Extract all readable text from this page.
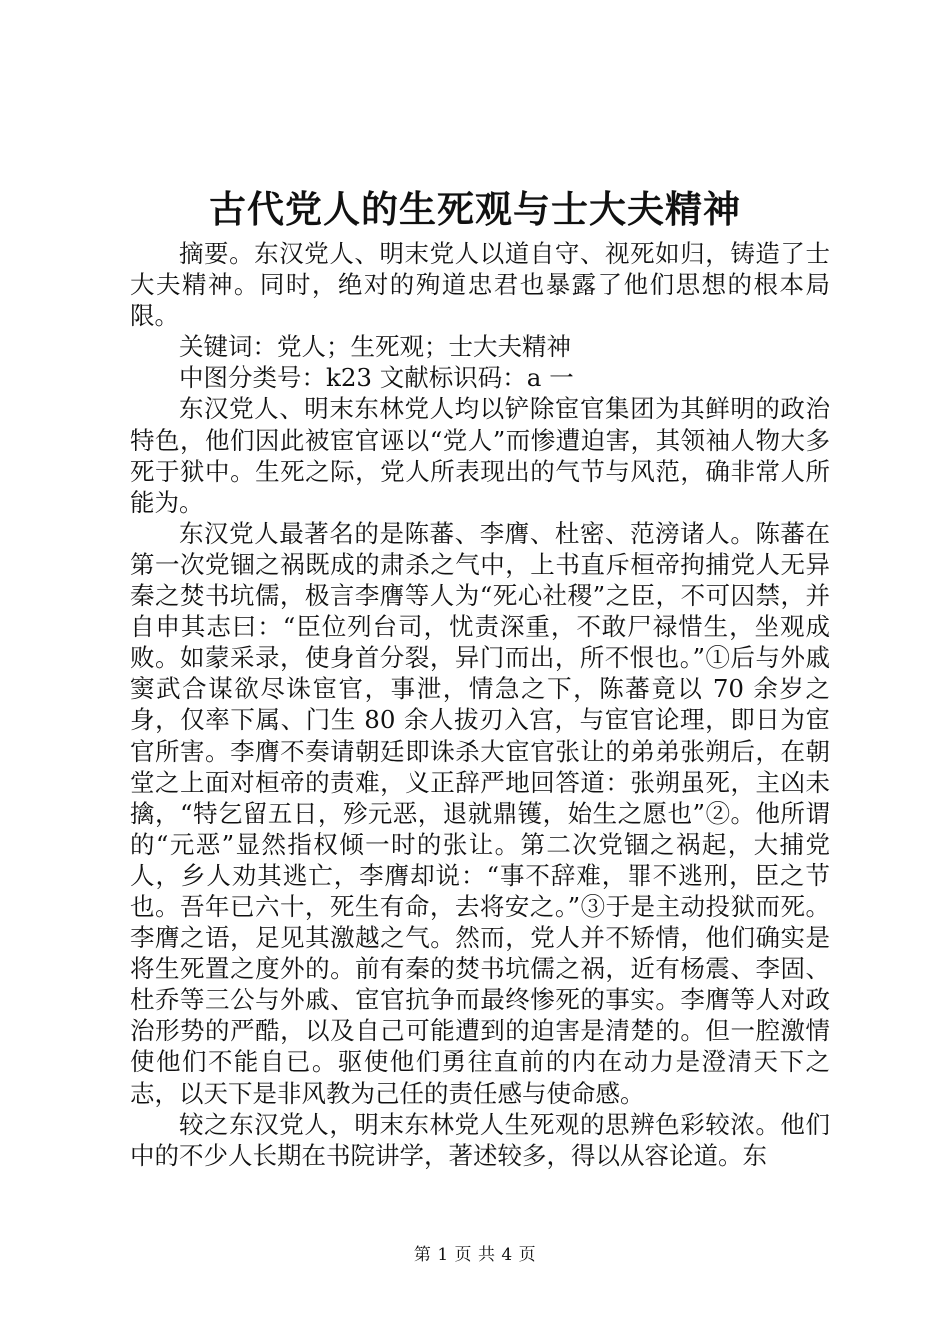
古代党人的生死观与士大夫精神

摘要。东汉党人、明末党人以道自守、视死如归，铸造了士大夫精神。同时，绝对的殉道忠君也暴露了他们思想的根本局限。

关键词：党人；生死观；士大夫精神

中图分类号：k23 文献标识码：a 一

东汉党人、明末东林党人均以铲除宦官集团为其鲜明的政治特色，他们因此被宦官诬以“党人”而惨遭迫害，其领袖人物大多死于狱中。生死之际，党人所表现出的气节与风范，确非常人所能为。

东汉党人最著名的是陈蕃、李膺、杜密、范滂诸人。陈蕃在第一次党锢之祸既成的肃杀之气中，上书直斥桓帝拘捕党人无异秦之焚书坑儒，极言李膺等人为“死心社稷”之臣，不可囚禁，并自申其志曰：“臣位列台司，忧责深重，不敢尸禄惜生，坐观成败。如蒙采录，使身首分裂，异门而出，所不恨也。”①后与外戚窦武合谋欲尽诛宦官，事泄，情急之下，陈蕃竟以 70 余岁之身，仅率下属、门生 80 余人拔刃入宫，与宦官论理，即日为宦官所害。李膺不奏请朝廷即诛杀大宦官张让的弟弟张朔后，在朝堂之上面对桓帝的责难，义正辞严地回答道：张朔虽死，主凶未擒，“特乞留五日，殄元恶，退就鼎镬，始生之愿也”②。他所谓的“元恶”显然指权倾一时的张让。第二次党锢之祸起，大捕党人，乡人劝其逃亡，李膺却说：“事不辞难，罪不逃刑，臣之节也。吾年已六十，死生有命，去将安之。”③于是主动投狱而死。李膺之语，足见其激越之气。然而，党人并不矫情，他们确实是将生死置之度外的。前有秦的焚书坑儒之祸，近有杨震、李固、杜乔等三公与外戚、宦官抗争而最终惨死的事实。李膺等人对政治形势的严酷，以及自己可能遭到的迫害是清楚的。但一腔激情使他们不能自已。驱使他们勇往直前的内在动力是澄清天下之志，以天下是非风教为己任的责任感与使命感。

较之东汉党人，明末东林党人生死观的思辨色彩较浓。他们中的不少人长期在书院讲学，著述较多，得以从容论道。东

第 1 页 共 4 页
